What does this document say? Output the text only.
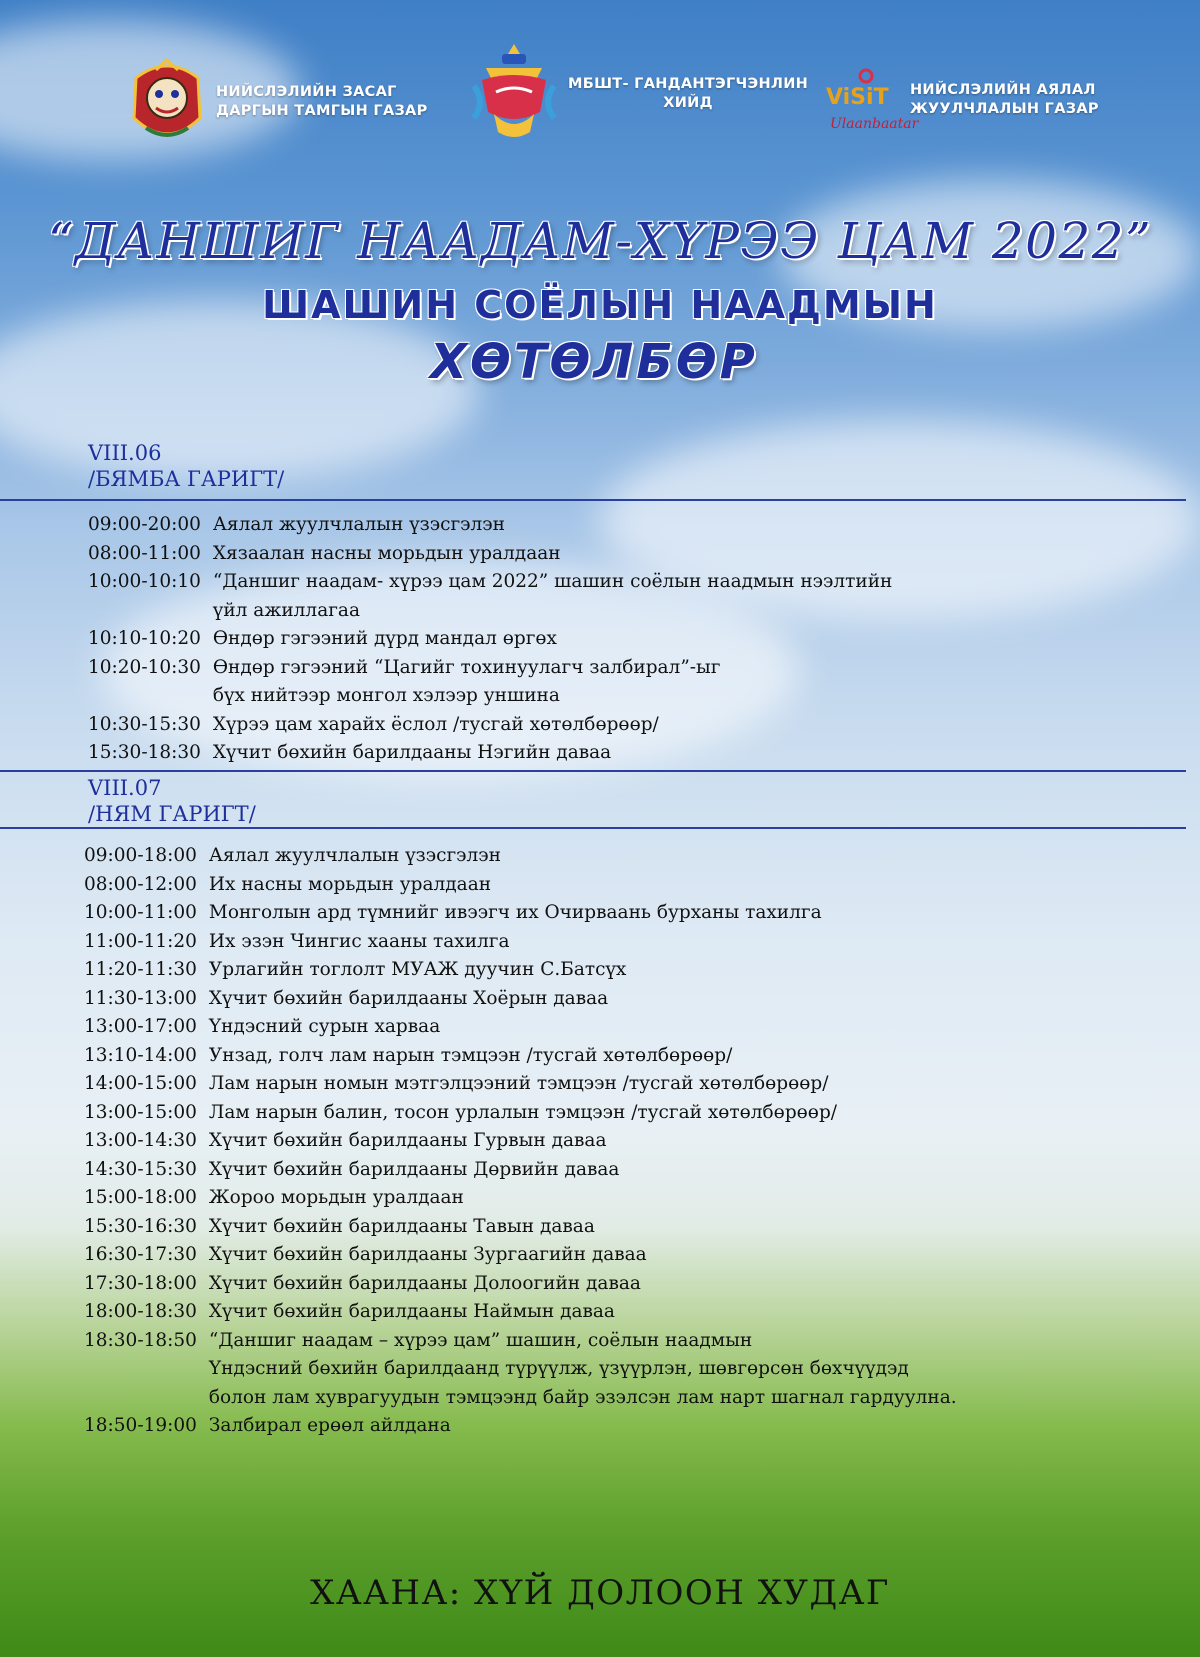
НИЙСЛЭЛИЙН ЗАСАГ
ДАРГЫН ТАМГЫН ГАЗАР
МБШТ- ГАНДАНТЭГЧЭНЛИН
ХИЙД	ViSiT
Ulaanbaatar
НИЙСЛЭЛИЙН АЯЛАЛ
ЖУУЛЧЛАЛЫН ГАЗАР
“ДАНШИГ НААДАМ-ХҮРЭЭ ЦАМ 2022”
ШАШИН СОЁЛЫН НААДМЫН
ХӨТӨЛБӨР
VIII.06
/БЯМБА ГАРИГТ/
09:00-20:00 Аялал жуулчлалын үзэсгэлэн
08:00-11:00 Хязаалан насны морьдын уралдаан
10:00-10:10 “Даншиг наадам- хүрээ цам 2022” шашин соёлын наадмын нээлтийн
үйл ажиллагаа
10:10-10:20 Өндөр гэгээний дүрд мандал өргөх
10:20-10:30 Өндөр гэгээний “Цагийг тохинуулагч залбирал”-ыг
бүх нийтээр монгол хэлээр уншина
10:30-15:30 Хүрээ цам харайх ёслол /тусгай хөтөлбөрөөр/
15:30-18:30 Хүчит бөхийн барилдааны Нэгийн даваа
VIII.07
/НЯМ ГАРИГТ/
09:00-18:00 Аялал жуулчлалын үзэсгэлэн
08:00-12:00 Их насны морьдын уралдаан
10:00-11:00 Монголын ард түмнийг ивээгч их Очирваань бурханы тахилга
11:00-11:20 Их эзэн Чингис хааны тахилга
11:20-11:30 Урлагийн тоглолт МУАЖ дуучин С.Батсүх
11:30-13:00 Хүчит бөхийн барилдааны Хоёрын даваа
13:00-17:00 Үндэсний сурын харваа
13:10-14:00 Унзад, голч лам нарын тэмцээн /тусгай хөтөлбөрөөр/
14:00-15:00 Лам нарын номын мэтгэлцээний тэмцээн /тусгай хөтөлбөрөөр/
13:00-15:00 Лам нарын балин, тосон урлалын тэмцээн /тусгай хөтөлбөрөөр/
13:00-14:30 Хүчит бөхийн барилдааны Гурвын даваа
14:30-15:30 Хүчит бөхийн барилдааны Дөрвийн даваа
15:00-18:00 Жороо морьдын уралдаан
15:30-16:30 Хүчит бөхийн барилдааны Тавын даваа
16:30-17:30 Хүчит бөхийн барилдааны Зургаагийн даваа
17:30-18:00 Хүчит бөхийн барилдааны Долоогийн даваа
18:00-18:30 Хүчит бөхийн барилдааны Наймын даваа
18:30-18:50 “Даншиг наадам – хүрээ цам” шашин, соёлын наадмын
Үндэсний бөхийн барилдаанд түрүүлж, үзүүрлэн, шөвгөрсөн бөхчүүдэд
болон лам хуврагуудын тэмцээнд байр эзэлсэн лам нарт шагнал гардуулна.
18:50-19:00 Залбирал ерөөл айлдана
ХААНА: ХҮЙ ДОЛООН ХУДАГ
